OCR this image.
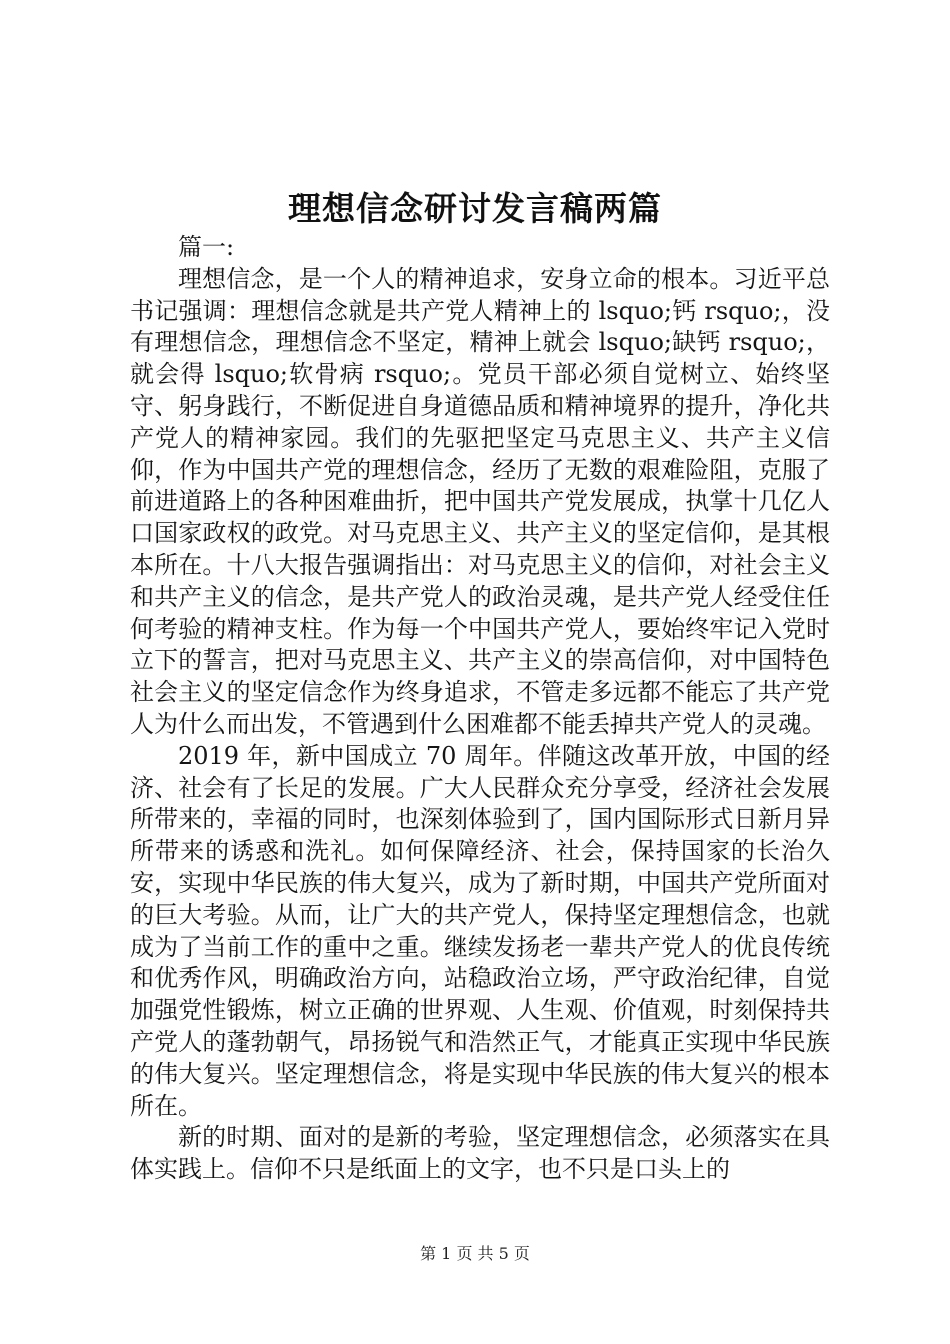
理想信念研讨发言稿两篇

篇一:

理想信念，是一个人的精神追求，安身立命的根本。习近平总书记强调：理想信念就是共产党人精神上的 lsquo;钙 rsquo;，没有理想信念，理想信念不坚定，精神上就会 lsquo;缺钙 rsquo;，就会得 lsquo;软骨病 rsquo;。党员干部必须自觉树立、始终坚守、躬身践行，不断促进自身道德品质和精神境界的提升，净化共产党人的精神家园。我们的先驱把坚定马克思主义、共产主义信仰，作为中国共产党的理想信念，经历了无数的艰难险阻，克服了前进道路上的各种困难曲折，把中国共产党发展成，执掌十几亿人口国家政权的政党。对马克思主义、共产主义的坚定信仰，是其根本所在。十八大报告强调指出：对马克思主义的信仰，对社会主义和共产主义的信念，是共产党人的政治灵魂，是共产党人经受住任何考验的精神支柱。作为每一个中国共产党人，要始终牢记入党时立下的誓言，把对马克思主义、共产主义的崇高信仰，对中国特色社会主义的坚定信念作为终身追求，不管走多远都不能忘了共产党人为什么而出发，不管遇到什么困难都不能丢掉共产党人的灵魂。

2019 年，新中国成立 70 周年。伴随这改革开放，中国的经济、社会有了长足的发展。广大人民群众充分享受，经济社会发展所带来的，幸福的同时，也深刻体验到了，国内国际形式日新月异所带来的诱惑和洗礼。如何保障经济、社会，保持国家的长治久安，实现中华民族的伟大复兴，成为了新时期，中国共产党所面对的巨大考验。从而，让广大的共产党人，保持坚定理想信念，也就成为了当前工作的重中之重。继续发扬老一辈共产党人的优良传统和优秀作风，明确政治方向，站稳政治立场，严守政治纪律，自觉加强党性锻炼，树立正确的世界观、人生观、价值观，时刻保持共产党人的蓬勃朝气，昂扬锐气和浩然正气，才能真正实现中华民族的伟大复兴。坚定理想信念，将是实现中华民族的伟大复兴的根本所在。

新的时期、面对的是新的考验，坚定理想信念，必须落实在具体实践上。信仰不只是纸面上的文字，也不只是口头上的

第 1 页 共 5 页
